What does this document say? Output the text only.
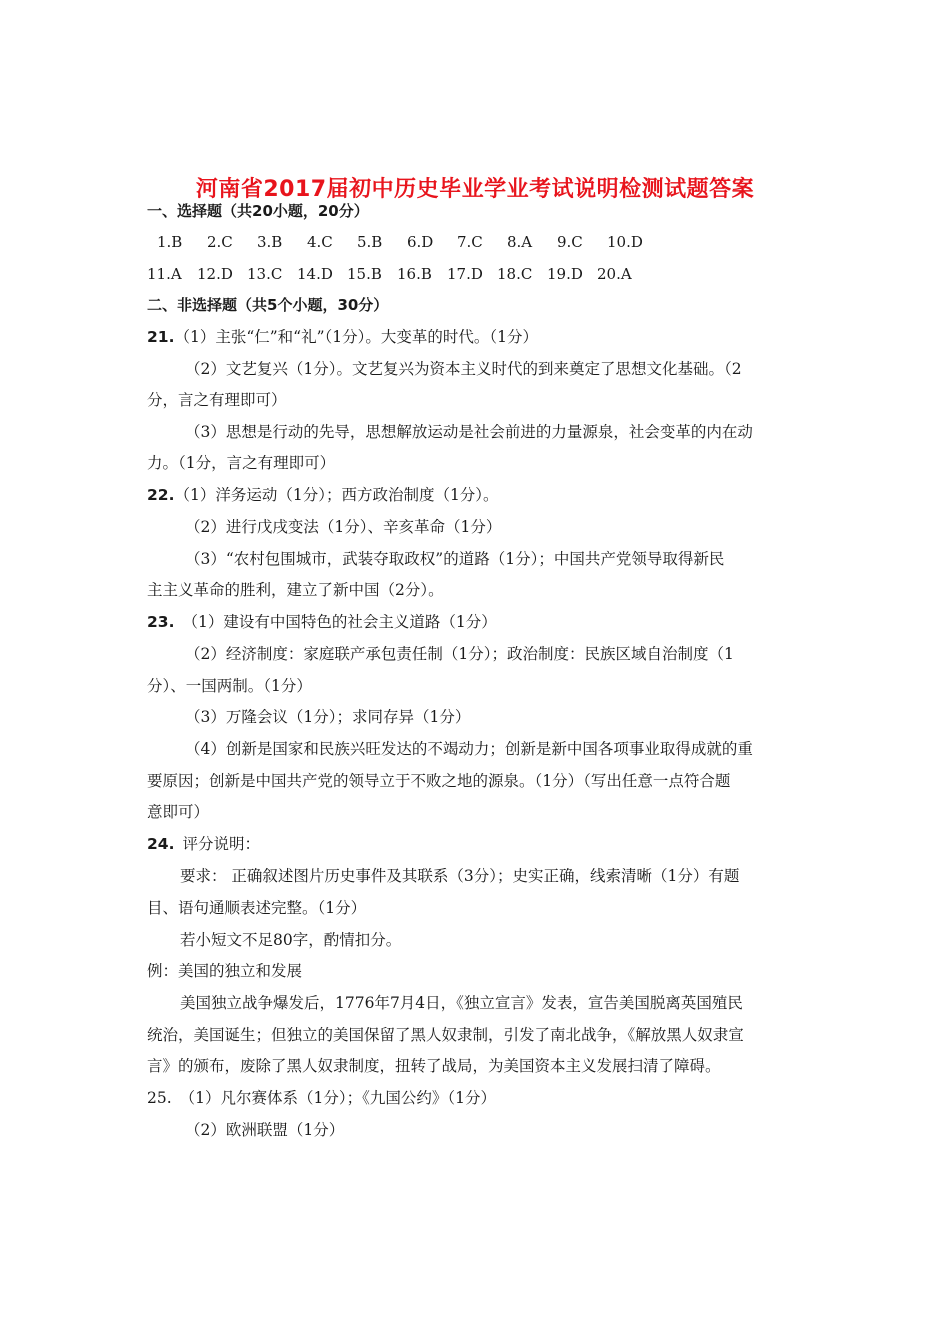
河南省2017届初中历史毕业学业考试说明检测试题答案
一、选择题（共20小题，20分）
1.B 2.C 3.B 4.C 5.B 6.D 7.C 8.A 9.C 10.D
11.A 12.D 13.C 14.D 15.B 16.B 17.D 18.C 19.D 20.A
二、非选择题（共5个小题，30分）
21.（1）主张“仁”和“礼”（1分）。大变革的时代。（1分）
（2）文艺复兴（1分）。文艺复兴为资本主义时代的到来奠定了思想文化基础。（2
分，言之有理即可）
（3）思想是行动的先导，思想解放运动是社会前进的力量源泉，社会变革的内在动
力。（1分，言之有理即可）
22.（1）洋务运动（1分）；西方政治制度（1分）。
（2）进行戊戌变法（1分）、辛亥革命（1分）
（3）“农村包围城市，武装夺取政权”的道路（1分）；中国共产党领导取得新民
主主义革命的胜利，建立了新中国（2分）。
23. （1）建设有中国特色的社会主义道路（1分）
（2）经济制度：家庭联产承包责任制（1分）；政治制度：民族区域自治制度（1
分）、一国两制。（1分）
（3）万隆会议（1分）；求同存异（1分）
（4）创新是国家和民族兴旺发达的不竭动力；创新是新中国各项事业取得成就的重
要原因；创新是中国共产党的领导立于不败之地的源泉。（1分）（写出任意一点符合题
意即可）
24. 评分说明：
要求： 正确叙述图片历史事件及其联系（3分）；史实正确，线索清晰（1分）有题
目、语句通顺表述完整。（1分）
若小短文不足80字，酌情扣分。
例：美国的独立和发展
美国独立战争爆发后，1776年7月4日，《独立宣言》发表，宣告美国脱离英国殖民
统治，美国诞生；但独立的美国保留了黑人奴隶制，引发了南北战争，《解放黑人奴隶宣
言》的颁布，废除了黑人奴隶制度，扭转了战局，为美国资本主义发展扫清了障碍。
25. （1）凡尔赛体系（1分）；《九国公约》（1分）
（2）欧洲联盟（1分）
